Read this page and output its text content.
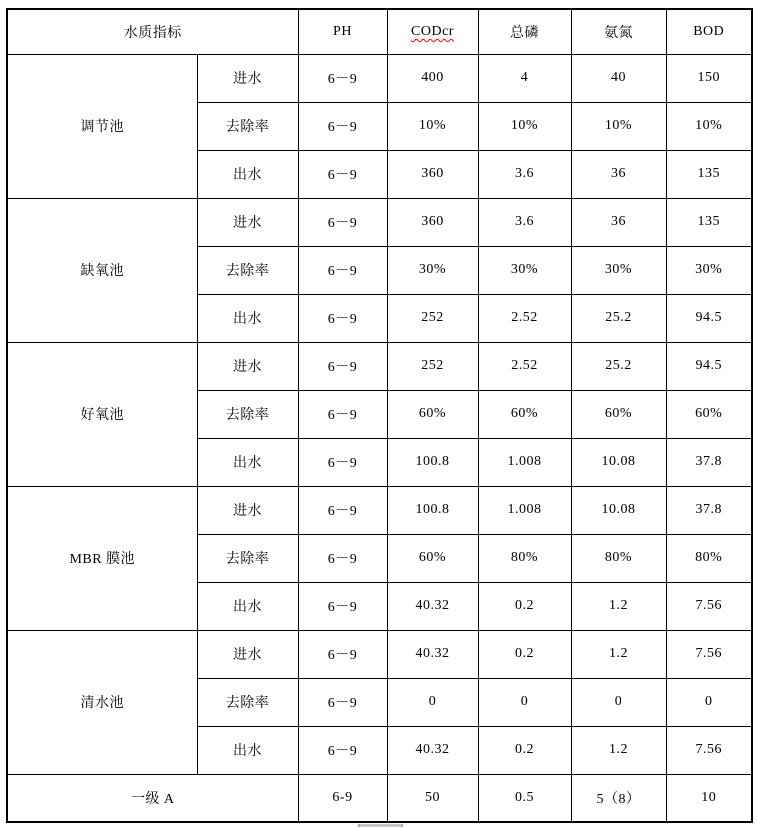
水质指标		PH	CODcr	总磷	氨氮	BOD
调节池	进水	6－9	400	4	40	150
	去除率	6－9	10%	10%	10%	10%
	出水	6－9	360	3.6	36	135
缺氧池	进水	6－9	360	3.6	36	135
	去除率	6－9	30%	30%	30%	30%
	出水	6－9	252	2.52	25.2	94.5
好氧池	进水	6－9	252	2.52	25.2	94.5
	去除率	6－9	60%	60%	60%	60%
	出水	6－9	100.8	1.008	10.08	37.8
MBR 膜池	进水	6－9	100.8	1.008	10.08	37.8
	去除率	6－9	60%	80%	80%	80%
	出水	6－9	40.32	0.2	1.2	7.56
清水池	进水	6－9	40.32	0.2	1.2	7.56
	去除率	6－9	0	0	0	0
	出水	6－9	40.32	0.2	1.2	7.56
一级 A		6-9	50	0.5	5（8）	10
